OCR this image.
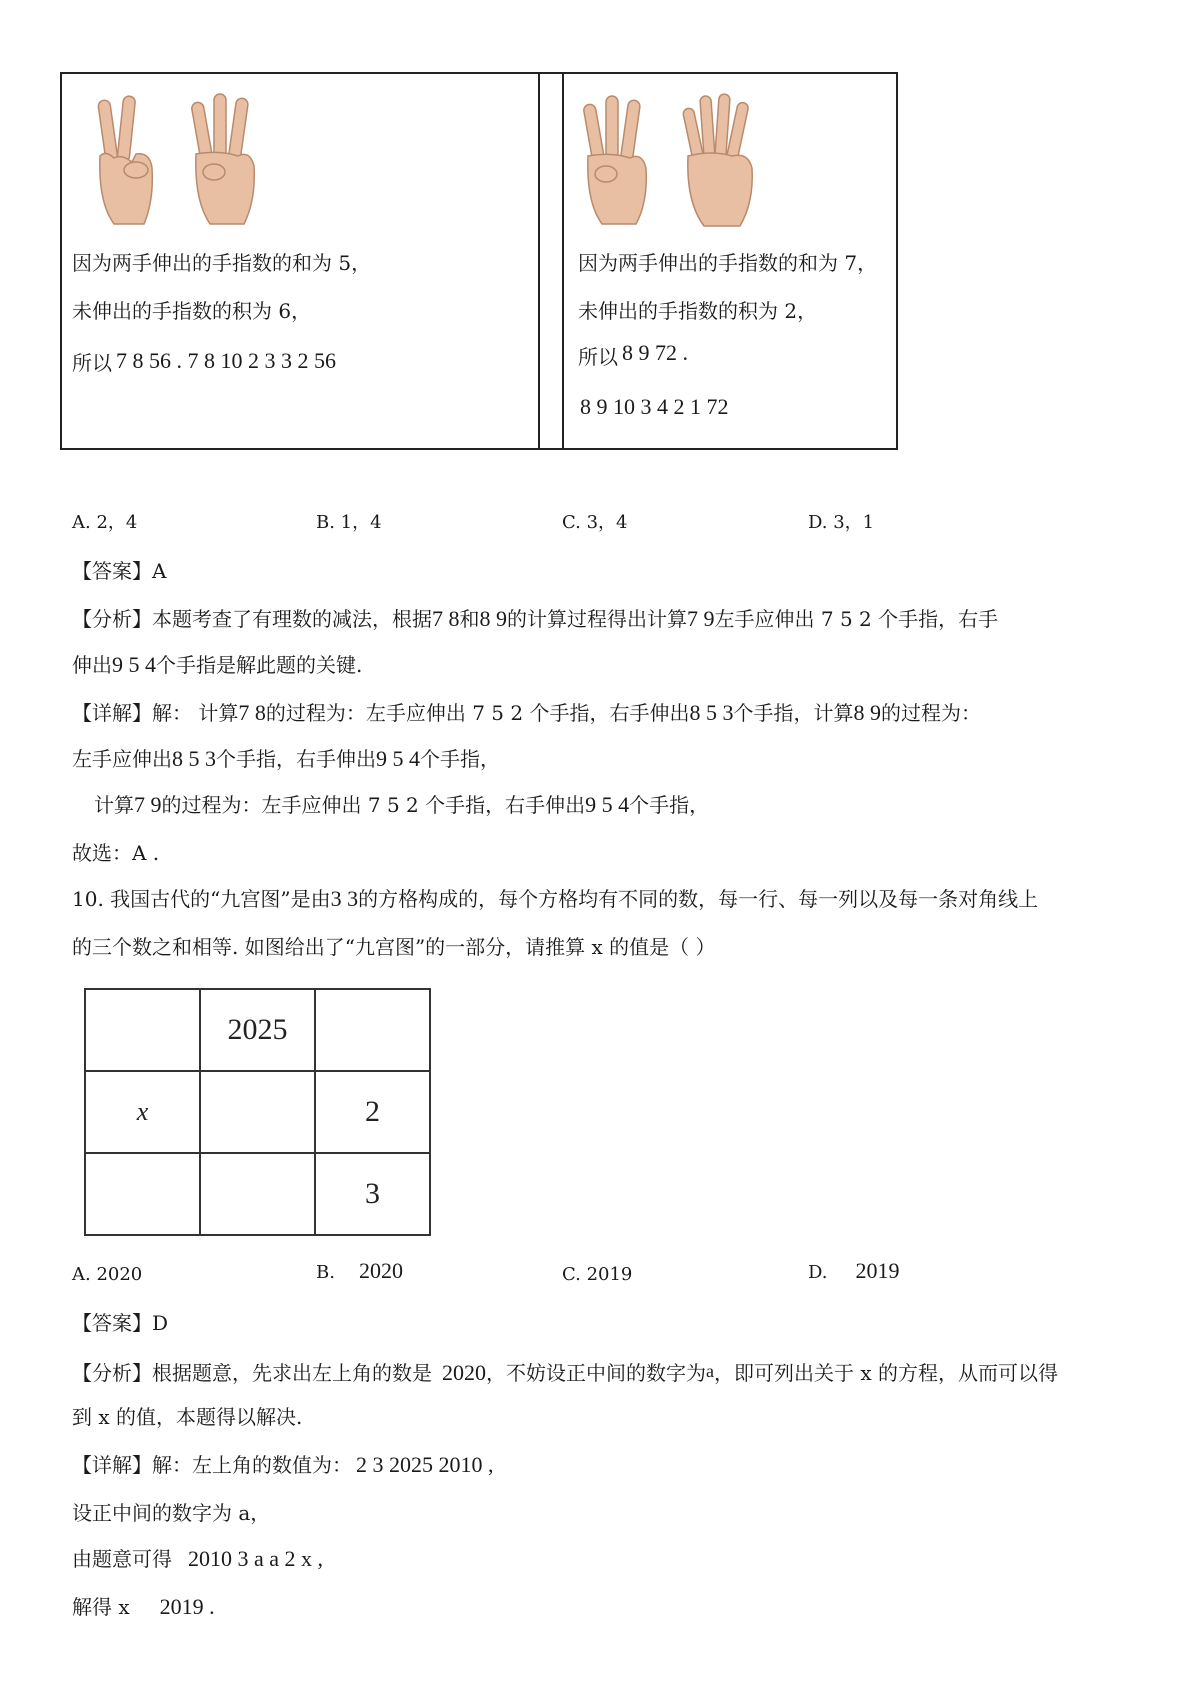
因为两手伸出的手指数的和为 5，
未伸出的手指数的积为 6，
所以 7 8 56 . 7 8 10 2 3 3 2 56
因为两手伸出的手指数的和为 7，
未伸出的手指数的积为 2，
所以 8 9 72 .
8 9 10 3 4 2 1 72
A. 2，4	B. 1，4	C. 3，4	D. 3，1
【答案】A
【分析】本题考查了有理数的减法，根据7 8和8 9的计算过程得出计算7 9左手应伸出 7 5 2 个手指，右手
伸出9 5 4个手指是解此题的关键.
【详解】解： 计算7 8的过程为：左手应伸出 7 5 2 个手指，右手伸出8 5 3个手指，计算8 9的过程为：
左手应伸出8 5 3个手指，右手伸出9 5 4个手指，
计算7 9的过程为：左手应伸出 7 5 2 个手指，右手伸出9 5 4个手指，
故选：A .
10. 我国古代的“九宫图”是由3 3的方格构成的，每个方格均有不同的数，每一行、每一列以及每一条对角线上
的三个数之和相等. 如图给出了“九宫图”的一部分，请推算 x 的值是（ ）
	2025	
x		2
		3
A. 2020	B. 2020	C. 2019	D. 2019
【答案】D
【分析】根据题意，先求出左上角的数是 2020，不妨设正中间的数字为a，即可列出关于 x 的方程，从而可以得
到 x 的值，本题得以解决.
【详解】解：左上角的数值为： 2 3 2025 2010 ,
设正中间的数字为 a，
由题意可得 2010 3 a a 2 x ,
解得 x 2019 .
